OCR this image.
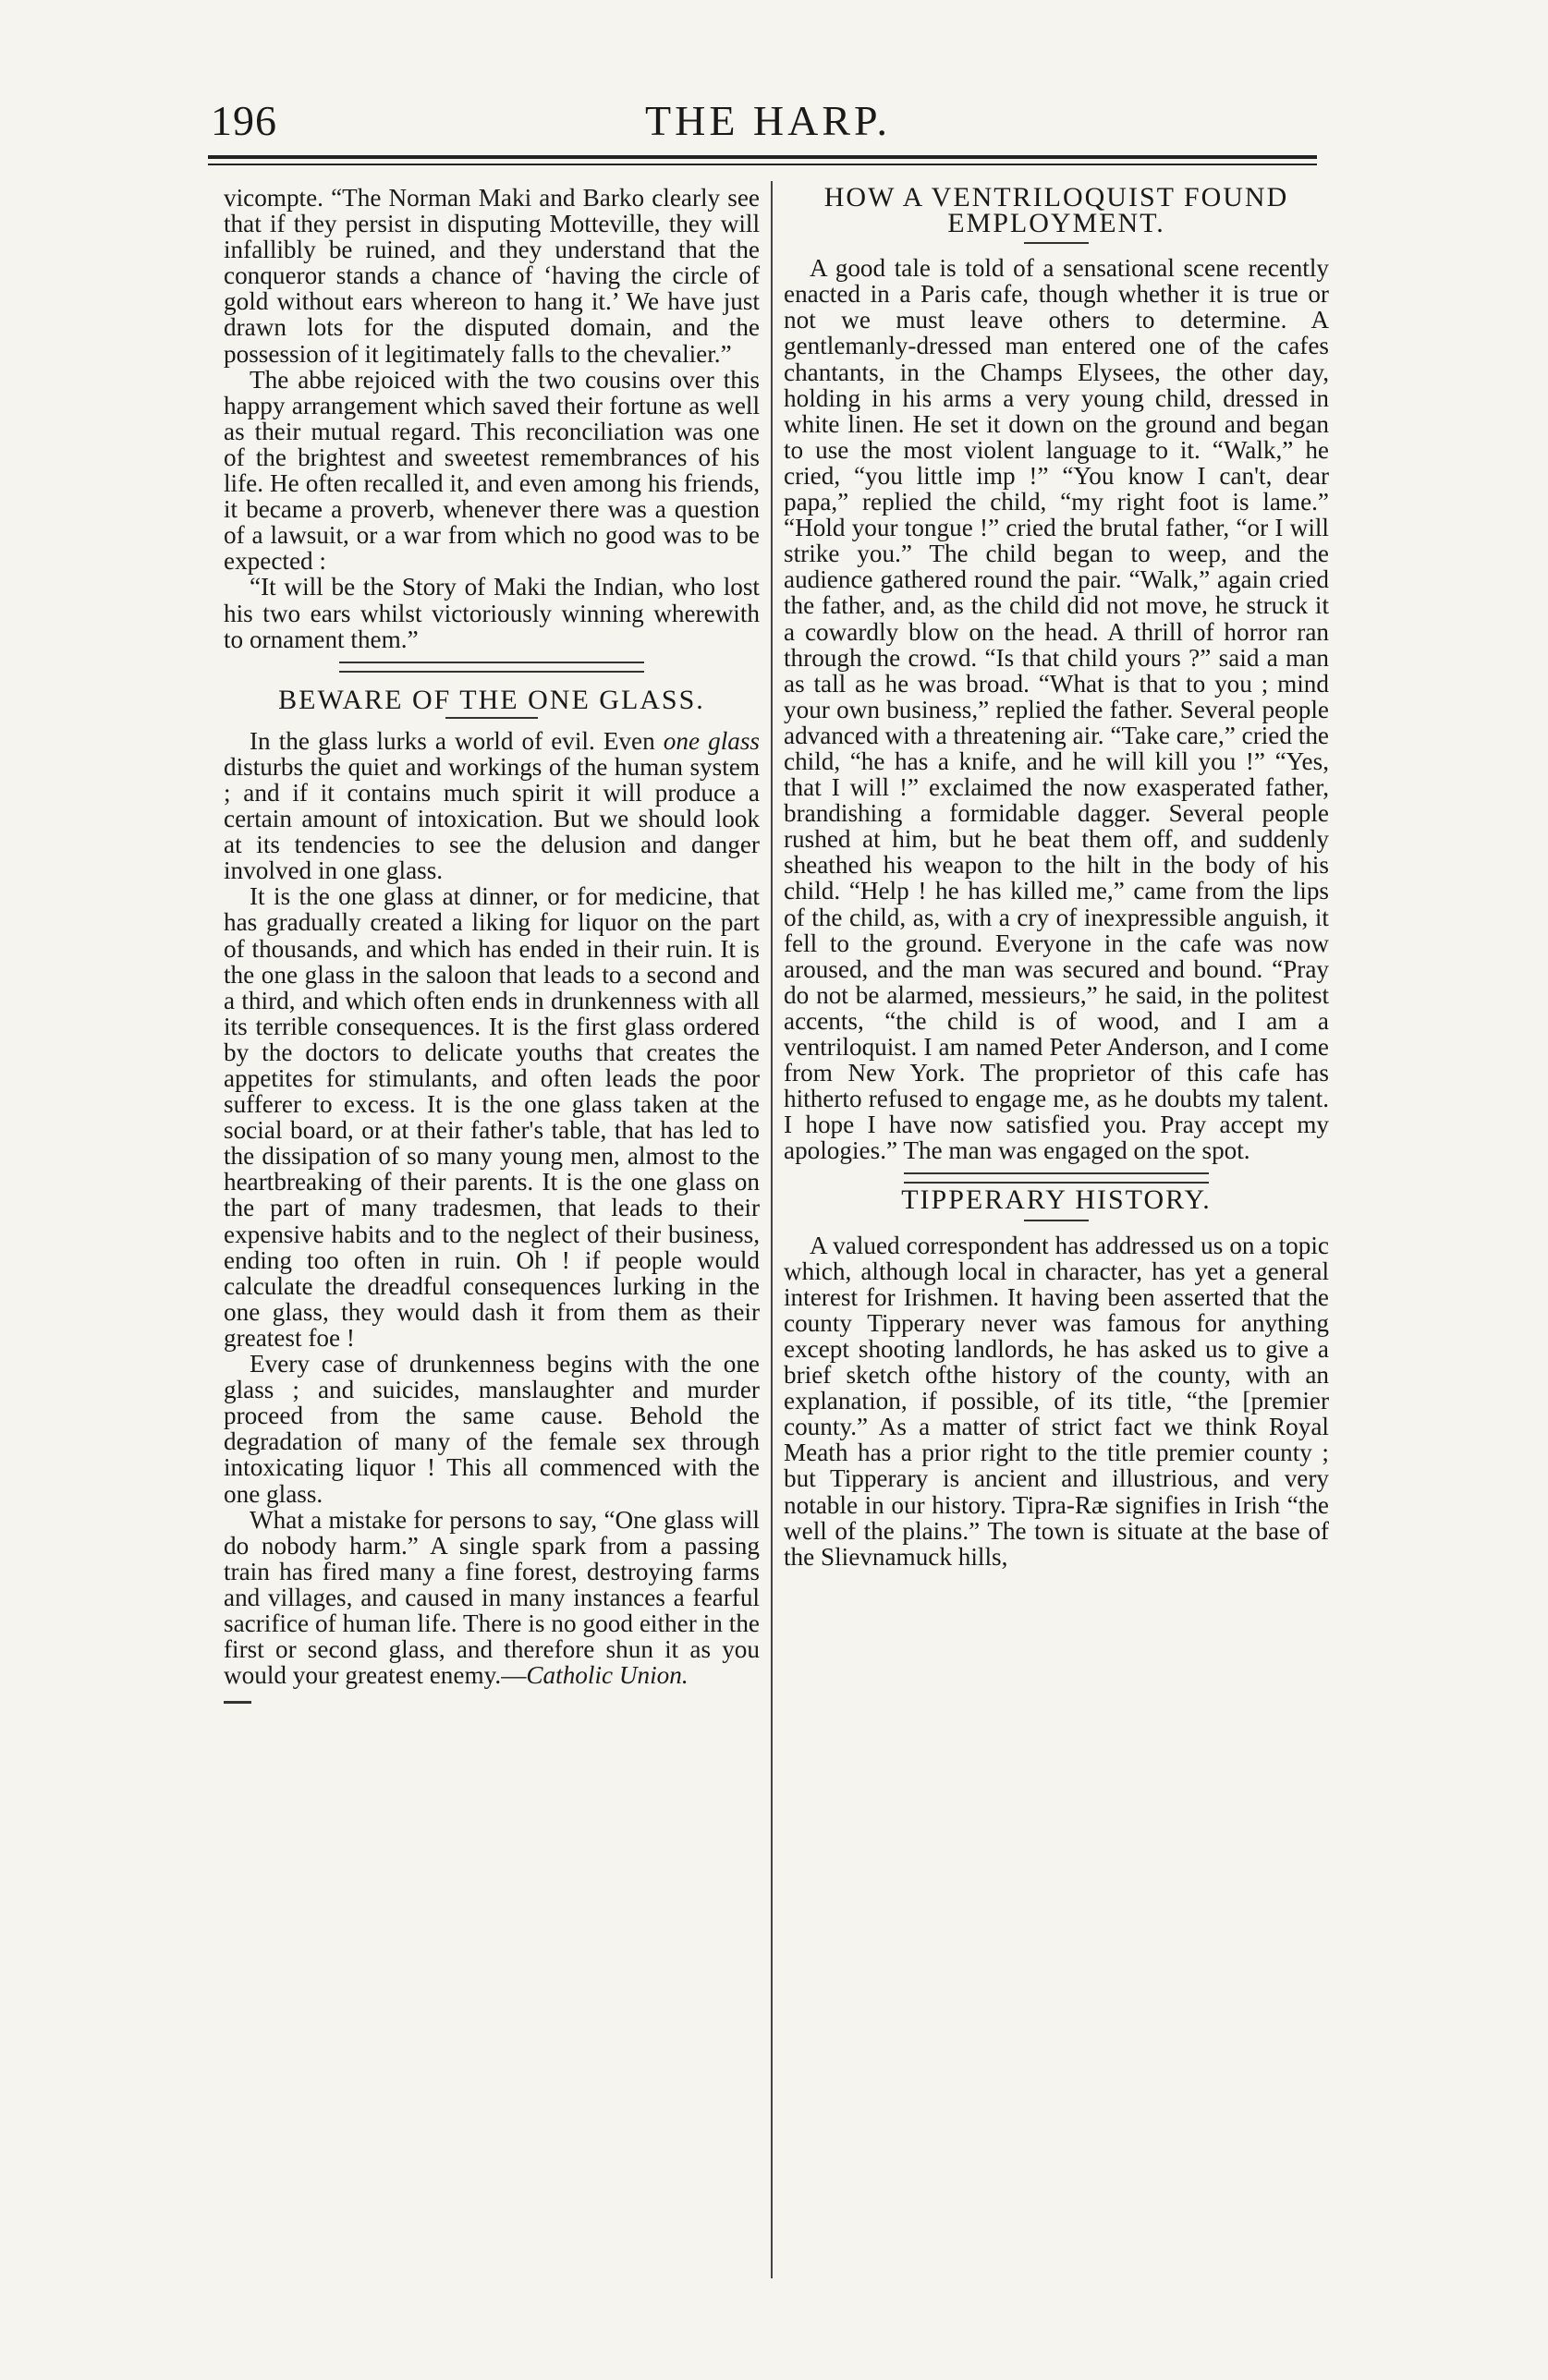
196	THE HARP.

vicompte. “The Norman Maki and Barko clearly see that if they persist in disputing Motteville, they will infallibly be ruined, and they understand that the conqueror stands a chance of ‘having the circle of gold without ears whereon to hang it.’ We have just drawn lots for the disputed domain, and the possession of it legitimately falls to the chevalier.”

The abbe rejoiced with the two cousins over this happy arrangement which saved their fortune as well as their mutual regard. This reconciliation was one of the brightest and sweetest remembrances of his life. He often recalled it, and even among his friends, it became a proverb, whenever there was a question of a lawsuit, or a war from which no good was to be expected :

“It will be the Story of Maki the Indian, who lost his two ears whilst victoriously winning wherewith to ornament them.”

BEWARE OF THE ONE GLASS.

In the glass lurks a world of evil. Even one glass disturbs the quiet and workings of the human system ; and if it contains much spirit it will produce a certain amount of intoxication. But we should look at its tendencies to see the delusion and danger involved in one glass.

It is the one glass at dinner, or for medicine, that has gradually created a liking for liquor on the part of thousands, and which has ended in their ruin. It is the one glass in the saloon that leads to a second and a third, and which often ends in drunkenness with all its terrible consequences. It is the first glass ordered by the doctors to delicate youths that creates the appetites for stimulants, and often leads the poor sufferer to excess. It is the one glass taken at the social board, or at their father's table, that has led to the dissipation of so many young men, almost to the heartbreaking of their parents. It is the one glass on the part of many tradesmen, that leads to their expensive habits and to the neglect of their business, ending too often in ruin. Oh ! if people would calculate the dreadful consequences lurking in the one glass, they would dash it from them as their greatest foe !

Every case of drunkenness begins with the one glass ; and suicides, manslaughter and murder proceed from the same cause. Behold the degradation of many of the female sex through intoxicating liquor ! This all commenced with the one glass.

What a mistake for persons to say, “One glass will do nobody harm.” A single spark from a passing train has fired many a fine forest, destroying farms and villages, and caused in many instances a fearful sacrifice of human life. There is no good either in the first or second glass, and therefore shun it as you would your greatest enemy.—Catholic Union.

HOW A VENTRILOQUIST FOUND EMPLOYMENT.

A good tale is told of a sensational scene recently enacted in a Paris cafe, though whether it is true or not we must leave others to determine. A gentlemanly-dressed man entered one of the cafes chantants, in the Champs Elysees, the other day, holding in his arms a very young child, dressed in white linen. He set it down on the ground and began to use the most violent language to it. “Walk,” he cried, “you little imp !” “You know I can't, dear papa,” replied the child, “my right foot is lame.” “Hold your tongue !” cried the brutal father, “or I will strike you.” The child began to weep, and the audience gathered round the pair. “Walk,” again cried the father, and, as the child did not move, he struck it a cowardly blow on the head. A thrill of horror ran through the crowd. “Is that child yours ?” said a man as tall as he was broad. “What is that to you ; mind your own business,” replied the father. Several people advanced with a threatening air. “Take care,” cried the child, “he has a knife, and he will kill you !” “Yes, that I will !” exclaimed the now exasperated father, brandishing a formidable dagger. Several people rushed at him, but he beat them off, and suddenly sheathed his weapon to the hilt in the body of his child. “Help ! he has killed me,” came from the lips of the child, as, with a cry of inexpressible anguish, it fell to the ground. Everyone in the cafe was now aroused, and the man was secured and bound. “Pray do not be alarmed, messieurs,” he said, in the politest accents, “the child is of wood, and I am a ventriloquist. I am named Peter Anderson, and I come from New York. The proprietor of this cafe has hitherto refused to engage me, as he doubts my talent. I hope I have now satisfied you. Pray accept my apologies.” The man was engaged on the spot.

TIPPERARY HISTORY.

A valued correspondent has addressed us on a topic which, although local in character, has yet a general interest for Irishmen. It having been asserted that the county Tipperary never was famous for anything except shooting landlords, he has asked us to give a brief sketch ofthe history of the county, with an explanation, if possible, of its title, “the [premier county.” As a matter of strict fact we think Royal Meath has a prior right to the title premier county ; but Tipperary is ancient and illustrious, and very notable in our history. Tipra-Ræ signifies in Irish “the well of the plains.” The town is situate at the base of the Slievnamuck hills,
